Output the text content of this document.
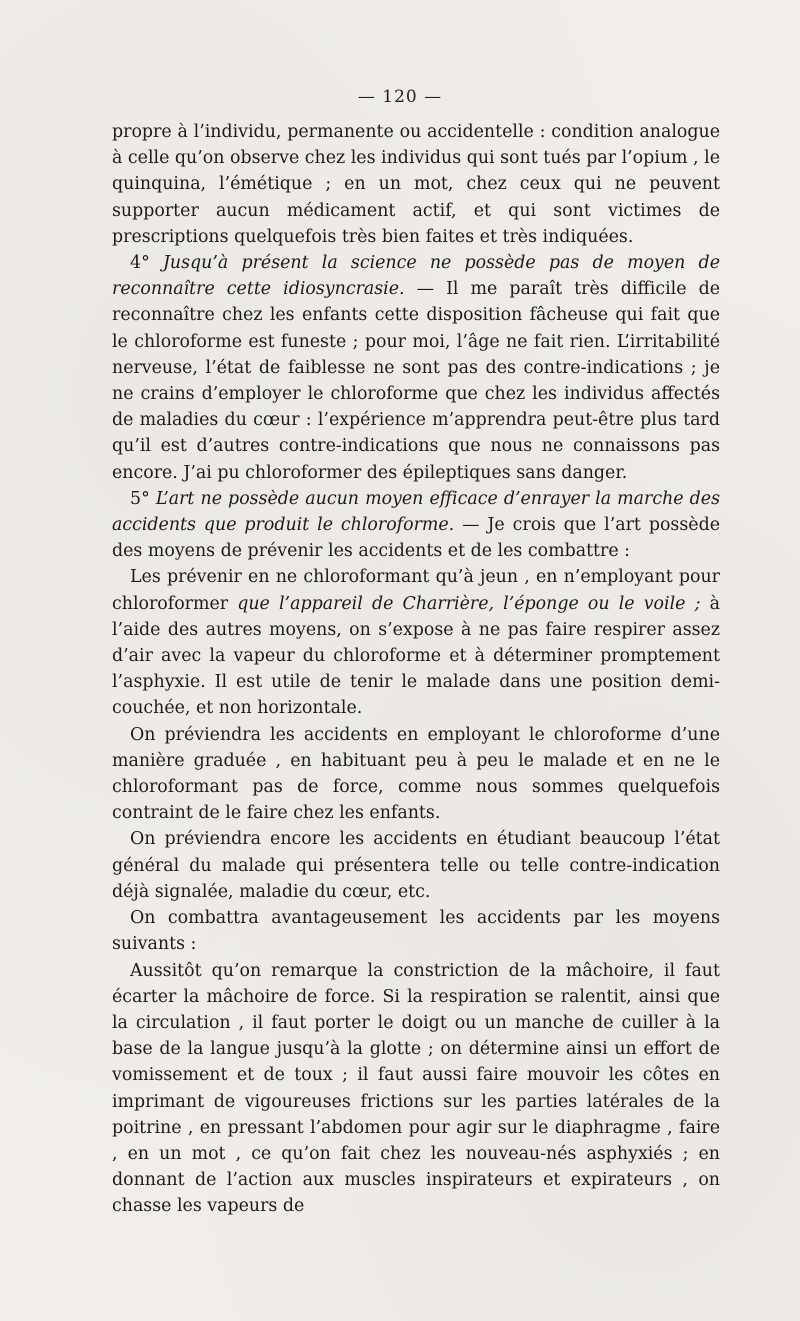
— 120 —

propre à l’individu, permanente ou accidentelle : condition analogue à celle qu’on observe chez les individus qui sont tués par l’opium , le quinquina, l’émétique ; en un mot, chez ceux qui ne peuvent supporter aucun médicament actif, et qui sont victimes de prescriptions quelquefois très bien faites et très indiquées.

4° Jusqu’à présent la science ne possède pas de moyen de reconnaître cette idiosyncrasie. — Il me paraît très difficile de reconnaître chez les enfants cette disposition fâcheuse qui fait que le chloroforme est funeste ; pour moi, l’âge ne fait rien. L’irritabilité nerveuse, l’état de faiblesse ne sont pas des contre-indications ; je ne crains d’employer le chloroforme que chez les individus affectés de maladies du cœur : l’expérience m’apprendra peut-être plus tard qu’il est d’autres contre-indications que nous ne connaissons pas encore. J’ai pu chloroformer des épileptiques sans danger.

5° L’art ne possède aucun moyen efficace d’enrayer la marche des accidents que produit le chloroforme. — Je crois que l’art possède des moyens de prévenir les accidents et de les combattre :

Les prévenir en ne chloroformant qu’à jeun , en n’employant pour chloroformer que l’appareil de Charrière, l’éponge ou le voile ; à l’aide des autres moyens, on s’expose à ne pas faire respirer assez d’air avec la vapeur du chloroforme et à déterminer promptement l’asphyxie. Il est utile de tenir le malade dans une position demi-couchée, et non horizontale.

On préviendra les accidents en employant le chloroforme d’une manière graduée , en habituant peu à peu le malade et en ne le chloroformant pas de force, comme nous sommes quelquefois contraint de le faire chez les enfants.

On préviendra encore les accidents en étudiant beaucoup l’état général du malade qui présentera telle ou telle contre-indication déjà signalée, maladie du cœur, etc.

On combattra avantageusement les accidents par les moyens suivants :

Aussitôt qu’on remarque la constriction de la mâchoire, il faut écarter la mâchoire de force. Si la respiration se ralentit, ainsi que la circulation , il faut porter le doigt ou un manche de cuiller à la base de la langue jusqu’à la glotte ; on détermine ainsi un effort de vomissement et de toux ; il faut aussi faire mouvoir les côtes en imprimant de vigoureuses frictions sur les parties latérales de la poitrine , en pressant l’abdomen pour agir sur le diaphragme , faire , en un mot , ce qu’on fait chez les nouveau-nés asphyxiés ; en donnant de l’action aux muscles inspirateurs et expirateurs , on chasse les vapeurs de
